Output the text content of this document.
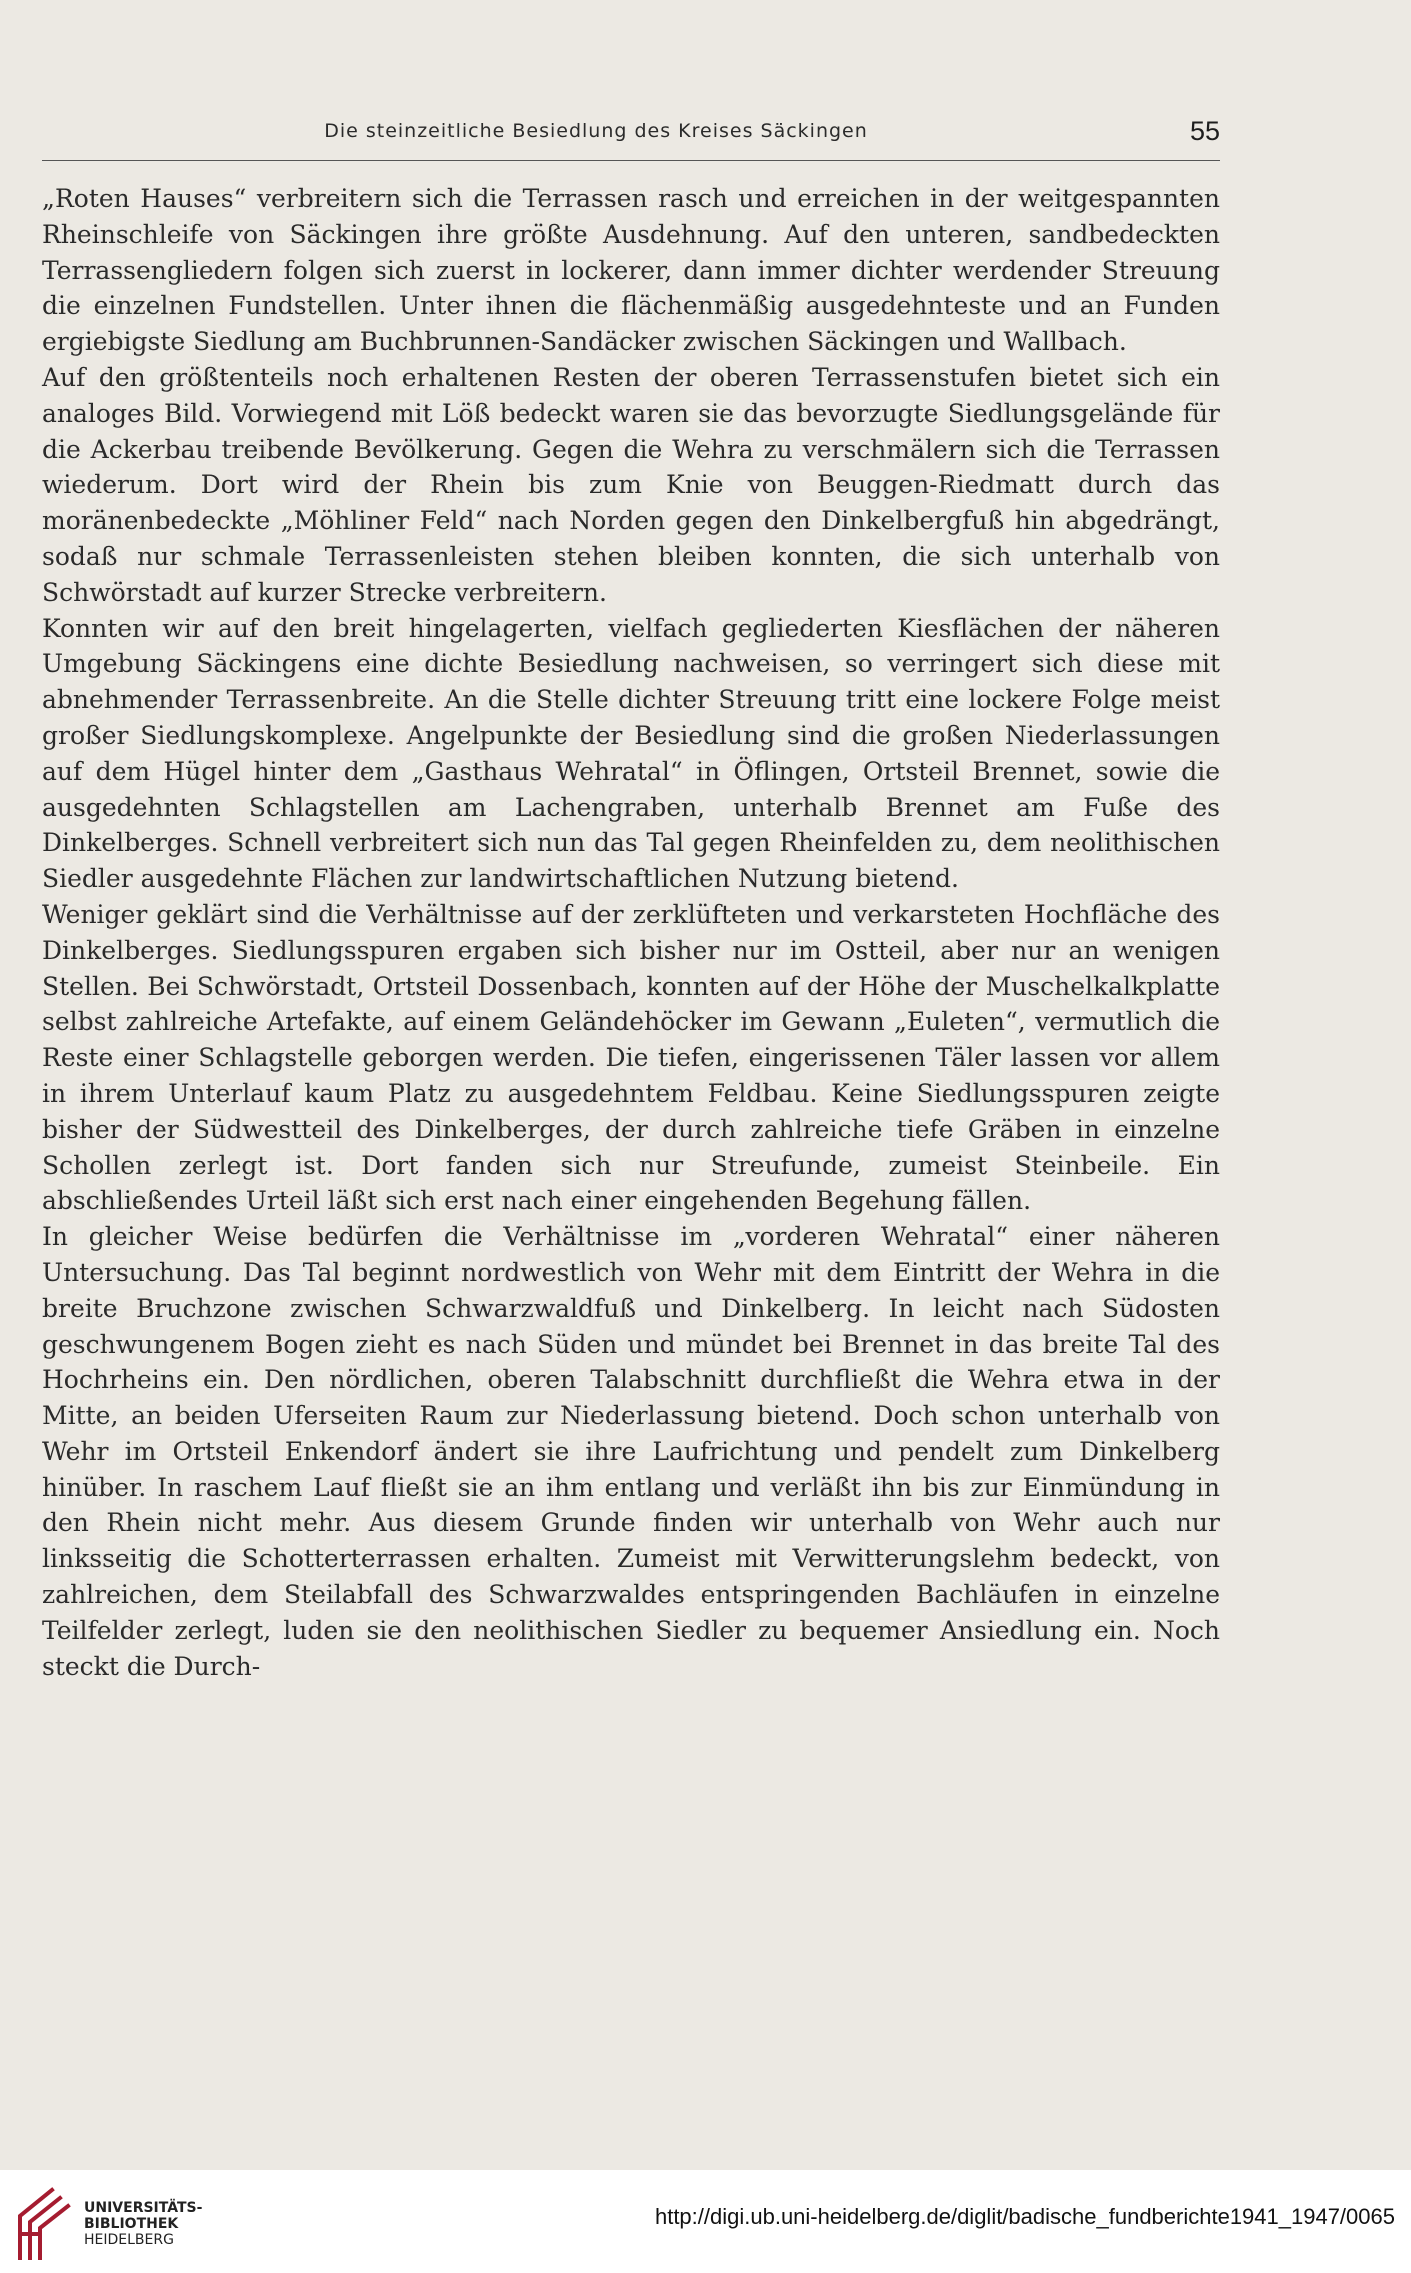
Die steinzeitliche Besiedlung des Kreises Säckingen	55

„Roten Hauses“ verbreitern sich die Terrassen rasch und erreichen in der weitgespannten Rheinschleife von Säckingen ihre größte Ausdehnung. Auf den unteren, sandbedeckten Terrassengliedern folgen sich zuerst in lockerer, dann immer dichter werdender Streuung die einzelnen Fundstellen. Unter ihnen die flächenmäßig ausgedehnteste und an Funden ergiebigste Siedlung am Buchbrunnen-Sandäcker zwischen Säckingen und Wallbach.

Auf den größtenteils noch erhaltenen Resten der oberen Terrassenstufen bietet sich ein analoges Bild. Vorwiegend mit Löß bedeckt waren sie das bevorzugte Siedlungsgelände für die Ackerbau treibende Bevölkerung. Gegen die Wehra zu verschmälern sich die Terrassen wiederum. Dort wird der Rhein bis zum Knie von Beuggen-Riedmatt durch das moränenbedeckte „Möhliner Feld“ nach Norden gegen den Dinkelbergfuß hin abgedrängt, sodaß nur schmale Terrassenleisten stehen bleiben konnten, die sich unterhalb von Schwörstadt auf kurzer Strecke verbreitern.

Konnten wir auf den breit hingelagerten, vielfach gegliederten Kiesflächen der näheren Umgebung Säckingens eine dichte Besiedlung nachweisen, so verringert sich diese mit abnehmender Terrassenbreite. An die Stelle dichter Streuung tritt eine lockere Folge meist großer Siedlungskomplexe. Angelpunkte der Besiedlung sind die großen Niederlassungen auf dem Hügel hinter dem „Gasthaus Wehratal“ in Öflingen, Ortsteil Brennet, sowie die ausgedehnten Schlagstellen am Lachengraben, unterhalb Brennet am Fuße des Dinkelberges. Schnell verbreitert sich nun das Tal gegen Rheinfelden zu, dem neolithischen Siedler ausgedehnte Flächen zur landwirtschaftlichen Nutzung bietend.

Weniger geklärt sind die Verhältnisse auf der zerklüfteten und verkarsteten Hochfläche des Dinkelberges. Siedlungsspuren ergaben sich bisher nur im Ostteil, aber nur an wenigen Stellen. Bei Schwörstadt, Ortsteil Dossenbach, konnten auf der Höhe der Muschelkalkplatte selbst zahlreiche Artefakte, auf einem Geländehöcker im Gewann „Euleten“, vermutlich die Reste einer Schlagstelle geborgen werden. Die tiefen, eingerissenen Täler lassen vor allem in ihrem Unterlauf kaum Platz zu ausgedehntem Feldbau. Keine Siedlungsspuren zeigte bisher der Südwestteil des Dinkelberges, der durch zahlreiche tiefe Gräben in einzelne Schollen zerlegt ist. Dort fanden sich nur Streufunde, zumeist Steinbeile. Ein abschließendes Urteil läßt sich erst nach einer eingehenden Begehung fällen.

In gleicher Weise bedürfen die Verhältnisse im „vorderen Wehratal“ einer näheren Untersuchung. Das Tal beginnt nordwestlich von Wehr mit dem Eintritt der Wehra in die breite Bruchzone zwischen Schwarzwaldfuß und Dinkelberg. In leicht nach Südosten geschwungenem Bogen zieht es nach Süden und mündet bei Brennet in das breite Tal des Hochrheins ein. Den nördlichen, oberen Talabschnitt durchfließt die Wehra etwa in der Mitte, an beiden Uferseiten Raum zur Niederlassung bietend. Doch schon unterhalb von Wehr im Ortsteil Enkendorf ändert sie ihre Laufrichtung und pendelt zum Dinkelberg hinüber. In raschem Lauf fließt sie an ihm entlang und verläßt ihn bis zur Einmündung in den Rhein nicht mehr. Aus diesem Grunde finden wir unterhalb von Wehr auch nur linksseitig die Schotterterrassen erhalten. Zumeist mit Verwitterungslehm bedeckt, von zahlreichen, dem Steilabfall des Schwarzwaldes entspringenden Bachläufen in einzelne Teilfelder zerlegt, luden sie den neolithischen Siedler zu bequemer Ansiedlung ein. Noch steckt die Durch-

UNIVERSITÄTS-
BIBLIOTHEK
HEIDELBERG
http://digi.ub.uni-heidelberg.de/diglit/badische_fundberichte1941_1947/0065
